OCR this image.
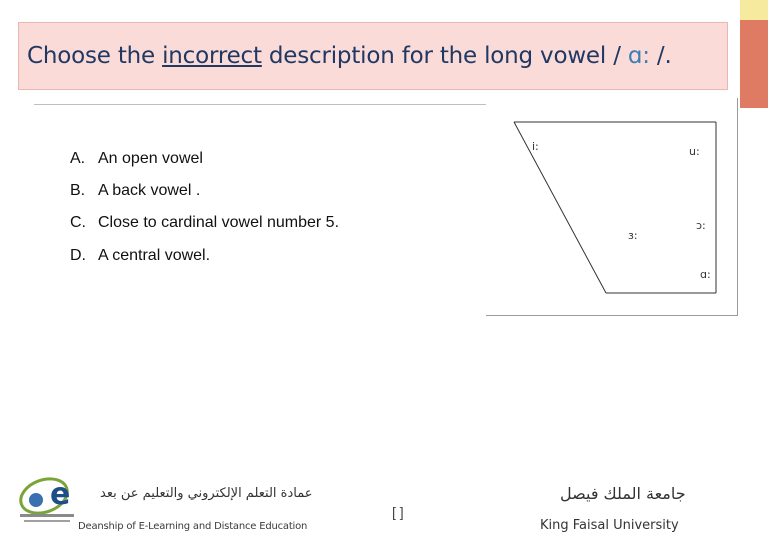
Choose the incorrect description for the long vowel / ɑ: /.
A. An open vowel
B. A back vowel .
C. Close to cardinal vowel number 5.
D. A central vowel.
i:	u:
ɔ:
ɜ:
ɑ:
e عمادة التعلم الإلكتروني والتعليم عن بعد
Deanship of E-Learning and Distance Education
[ ]
جامعة الملك فيصل
King Faisal University
